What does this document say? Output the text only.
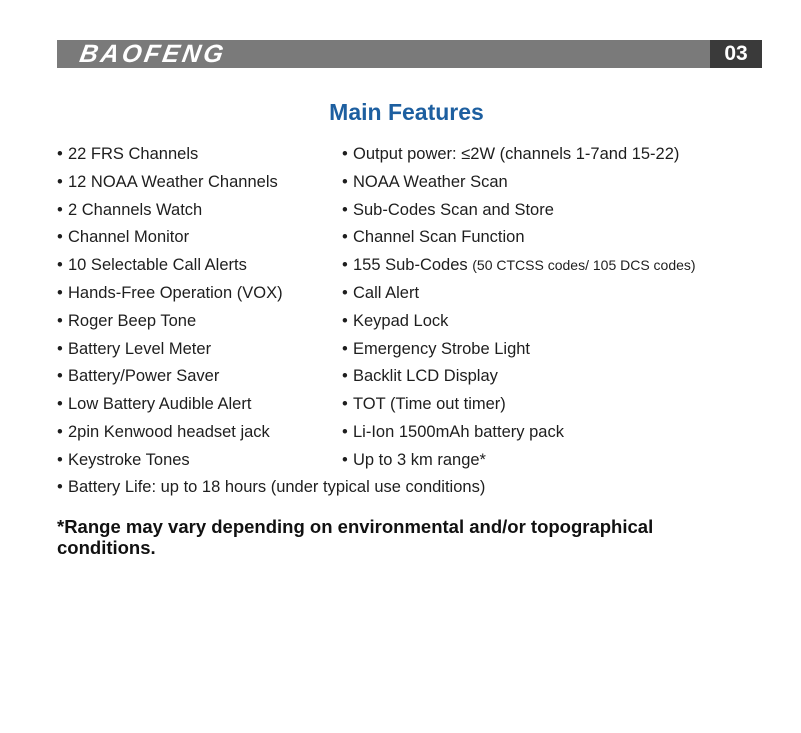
BAOFENG	03
Main Features
• 22 FRS Channels
• 12 NOAA Weather Channels
• 2 Channels Watch
• Channel Monitor
• 10 Selectable Call Alerts
• Hands-Free Operation (VOX)
• Roger Beep Tone
• Battery Level Meter
• Battery/Power Saver
• Low Battery Audible Alert
• 2pin Kenwood headset jack
• Keystroke Tones
• Output power: ≤2W (channels 1-7and 15-22)
• NOAA Weather Scan
• Sub-Codes Scan and Store
• Channel Scan Function
• 155 Sub-Codes (50 CTCSS codes/ 105 DCS codes)
• Call Alert
• Keypad Lock
• Emergency Strobe Light
• Backlit LCD Display
• TOT (Time out timer)
• Li-Ion 1500mAh battery pack
• Up to 3 km range*
• Battery Life: up to 18 hours (under typical use conditions)
*Range may vary depending on environmental and/or topographical conditions.
